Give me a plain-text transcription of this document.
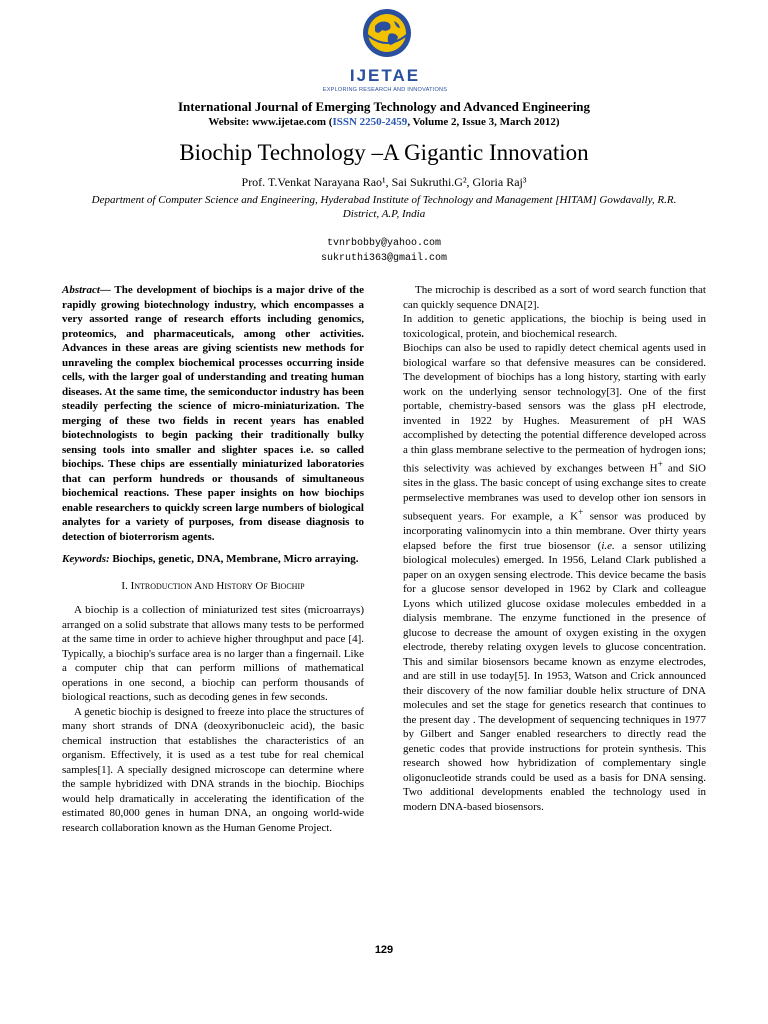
IJETAE
EXPLORING RESEARCH AND INNOVATIONS
International Journal of Emerging Technology and Advanced Engineering
Website: www.ijetae.com (ISSN 2250-2459, Volume 2, Issue 3, March 2012)
Biochip Technology –A Gigantic Innovation
Prof. T.Venkat Narayana Rao¹, Sai Sukruthi.G², Gloria Raj³
Department of Computer Science and Engineering, Hyderabad Institute of Technology and Management [HITAM] Gowdavally, R.R. District, A.P, India
tvnrbobby@yahoo.com
sukruthi363@gmail.com

Abstract— The development of biochips is a major drive of the rapidly growing biotechnology industry, which encompasses a very assorted range of research efforts including genomics, proteomics, and pharmaceuticals, among other activities. Advances in these areas are giving scientists new methods for unraveling the complex biochemical processes occurring inside cells, with the larger goal of understanding and treating human diseases. At the same time, the semiconductor industry has been steadily perfecting the science of micro-miniaturization. The merging of these two fields in recent years has enabled biotechnologists to begin packing their traditionally bulky sensing tools into smaller and slighter spaces i.e. so called biochips. These chips are essentially miniaturized laboratories that can perform hundreds or thousands of simultaneous biochemical reactions. These paper insights on how biochips enable researchers to quickly screen large numbers of biological analytes for a variety of purposes, from disease diagnosis to detection of bioterrorism agents.

Keywords: Biochips, genetic, DNA, Membrane, Micro arraying.

I. Introduction And History Of Biochip

A biochip is a collection of miniaturized test sites (microarrays) arranged on a solid substrate that allows many tests to be performed at the same time in order to achieve higher throughput and pace [4]. Typically, a biochip's surface area is no larger than a fingernail. Like a computer chip that can perform millions of mathematical operations in one second, a biochip can perform thousands of biological reactions, such as decoding genes in few seconds.

A genetic biochip is designed to freeze into place the structures of many short strands of DNA (deoxyribonucleic acid), the basic chemical instruction that establishes the characteristics of an organism. Effectively, it is used as a test tube for real chemical samples[1]. A specially designed microscope can determine where the sample hybridized with DNA strands in the biochip. Biochips would help dramatically in accelerating the identification of the estimated 80,000 genes in human DNA, an ongoing world-wide research collaboration known as the Human Genome Project.

The microchip is described as a sort of word search function that can quickly sequence DNA[2].

In addition to genetic applications, the biochip is being used in toxicological, protein, and biochemical research.

Biochips can also be used to rapidly detect chemical agents used in biological warfare so that defensive measures can be considered. The development of biochips has a long history, starting with early work on the underlying sensor technology[3]. One of the first portable, chemistry-based sensors was the glass pH electrode, invented in 1922 by Hughes. Measurement of pH WAS accomplished by detecting the potential difference developed across a thin glass membrane selective to the permeation of hydrogen ions; this selectivity was achieved by exchanges between H+ and SiO sites in the glass. The basic concept of using exchange sites to create permselective membranes was used to develop other ion sensors in subsequent years. For example, a K+ sensor was produced by incorporating valinomycin into a thin membrane. Over thirty years elapsed before the first true biosensor (i.e. a sensor utilizing biological molecules) emerged. In 1956, Leland Clark published a paper on an oxygen sensing electrode. This device became the basis for a glucose sensor developed in 1962 by Clark and colleague Lyons which utilized glucose oxidase molecules embedded in a dialysis membrane. The enzyme functioned in the presence of glucose to decrease the amount of oxygen existing in the oxygen electrode, thereby relating oxygen levels to glucose concentration. This and similar biosensors became known as enzyme electrodes, and are still in use today[5]. In 1953, Watson and Crick announced their discovery of the now familiar double helix structure of DNA molecules and set the stage for genetics research that continues to the present day . The development of sequencing techniques in 1977 by Gilbert and Sanger enabled researchers to directly read the genetic codes that provide instructions for protein synthesis. This research showed how hybridization of complementary single oligonucleotide strands could be used as a basis for DNA sensing. Two additional developments enabled the technology used in modern DNA-based biosensors.

129
